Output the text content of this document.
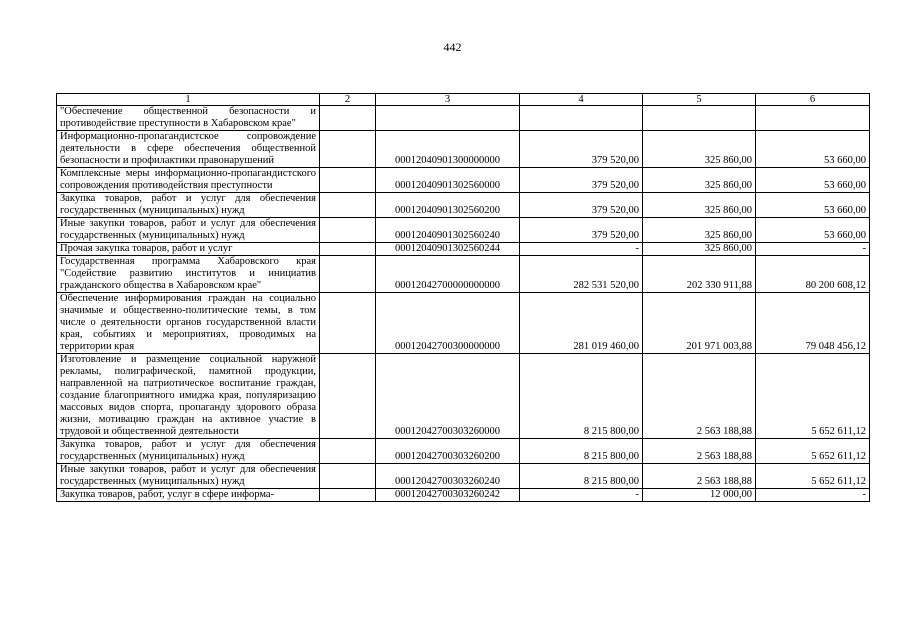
442
1	2	3	4	5	6
"Обеспечение общественной безопасности и противодействие преступности в Хабаровском крае"					
Информационно-пропагандистское сопровождение деятельности в сфере обеспечения общественной безопасности и профилактики правонарушений		00012040901300000000	379 520,00	325 860,00	53 660,00
Комплексные меры информационно-пропагандистского сопровождения противодействия преступности		00012040901302560000	379 520,00	325 860,00	53 660,00
Закупка товаров, работ и услуг для обеспечения государственных (муниципальных) нужд		00012040901302560200	379 520,00	325 860,00	53 660,00
Иные закупки товаров, работ и услуг для обеспечения государственных (муниципальных) нужд		00012040901302560240	379 520,00	325 860,00	53 660,00
Прочая закупка товаров, работ и услуг		00012040901302560244	-	325 860,00	-
Государственная программа Хабаровского края "Содействие развитию институтов и инициатив гражданского общества в Хабаровском крае"		00012042700000000000	282 531 520,00	202 330 911,88	80 200 608,12
Обеспечение информирования граждан на социально значимые и общественно-политические темы, в том числе о деятельности органов государственной власти края, событиях и мероприятиях, проводимых на территории края		00012042700300000000	281 019 460,00	201 971 003,88	79 048 456,12
Изготовление и размещение социальной наружной рекламы, полиграфической, памятной продукции, направленной на патриотическое воспитание граждан, создание благоприятного имиджа края, популяризацию массовых видов спорта, пропаганду здорового образа жизни, мотивацию граждан на активное участие в трудовой и общественной деятельности		00012042700303260000	8 215 800,00	2 563 188,88	5 652 611,12
Закупка товаров, работ и услуг для обеспечения государственных (муниципальных) нужд		00012042700303260200	8 215 800,00	2 563 188,88	5 652 611,12
Иные закупки товаров, работ и услуг для обеспечения государственных (муниципальных) нужд		00012042700303260240	8 215 800,00	2 563 188,88	5 652 611,12
Закупка товаров, работ, услуг в сфере информа-		00012042700303260242	-	12 000,00	-
